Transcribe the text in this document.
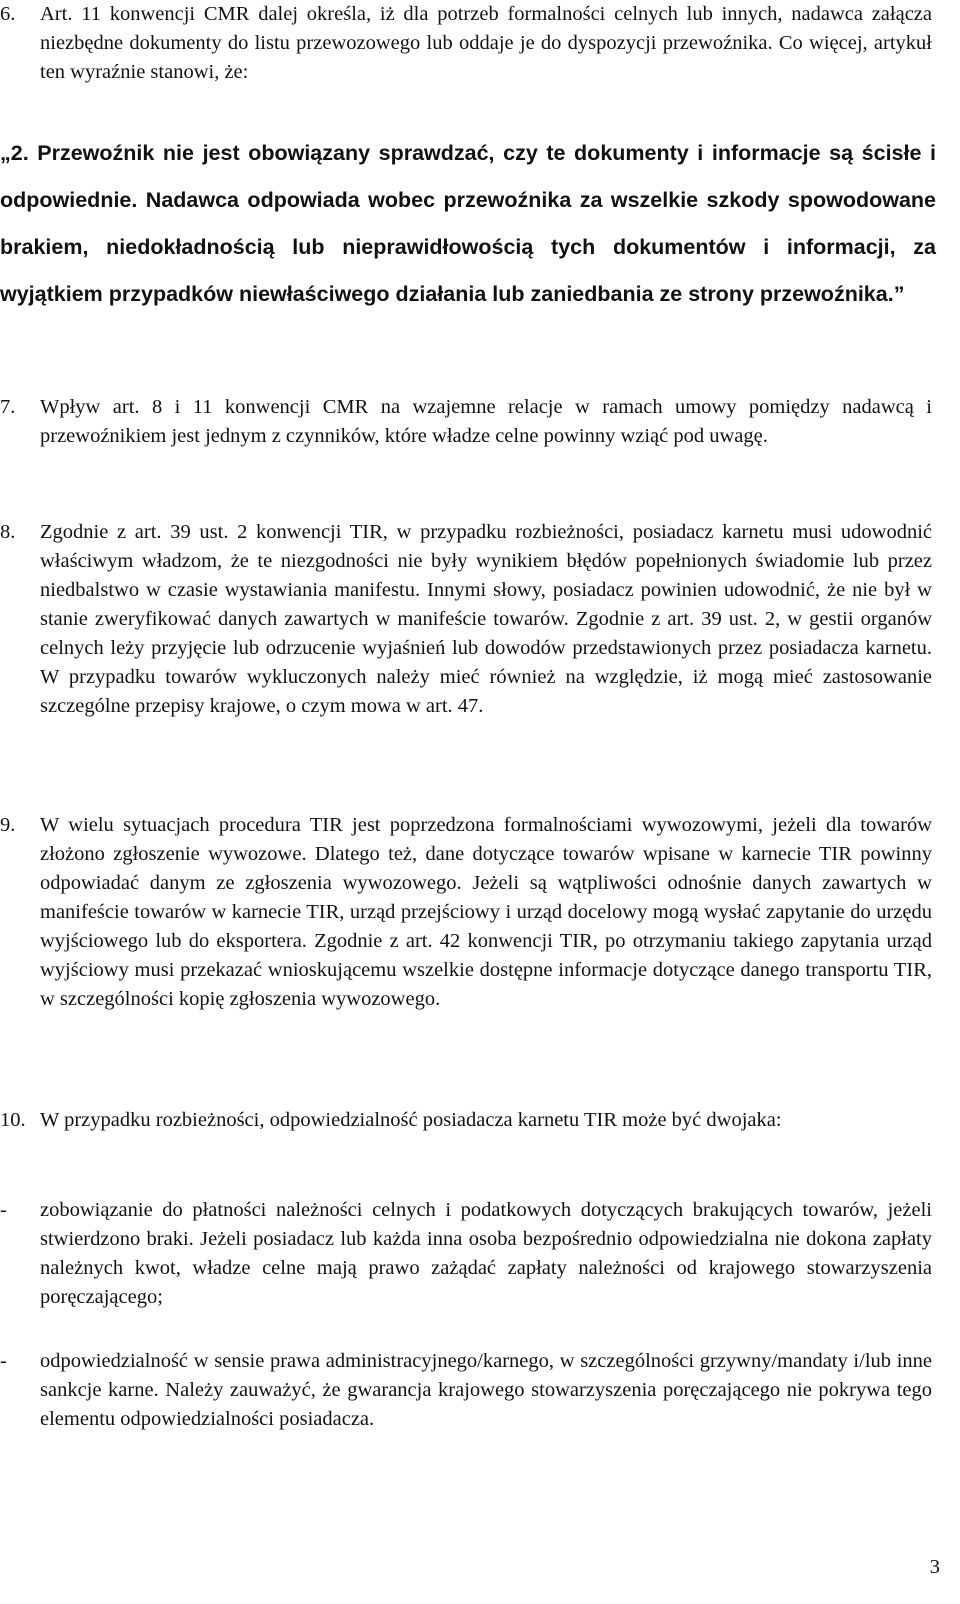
6.	Art. 11 konwencji CMR dalej określa, iż dla potrzeb formalności celnych lub innych, nadawca załącza niezbędne dokumenty do listu przewozowego lub oddaje je do dyspozycji przewoźnika. Co więcej, artykuł ten wyraźnie stanowi, że:
„2. Przewoźnik nie jest obowiązany sprawdzać, czy te dokumenty i informacje są ścisłe i odpowiednie. Nadawca odpowiada wobec przewoźnika za wszelkie szkody spowodowane brakiem, niedokładnością lub nieprawidłowością tych dokumentów i informacji, za wyjątkiem przypadków niewłaściwego działania lub zaniedbania ze strony przewoźnika.”
7.	Wpływ art. 8 i 11 konwencji CMR na wzajemne relacje w ramach umowy pomiędzy nadawcą i przewoźnikiem jest jednym z czynników, które władze celne powinny wziąć pod uwagę.
8.	Zgodnie z art. 39 ust. 2 konwencji TIR, w przypadku rozbieżności, posiadacz karnetu musi udowodnić właściwym władzom, że te niezgodności nie były wynikiem błędów popełnionych świadomie lub przez niedbalstwo w czasie wystawiania manifestu. Innymi słowy, posiadacz powinien udowodnić, że nie był w stanie zweryfikować danych zawartych w manifeście towarów. Zgodnie z art. 39 ust. 2, w gestii organów celnych leży przyjęcie lub odrzucenie wyjaśnień lub dowodów przedstawionych przez posiadacza karnetu. W przypadku towarów wykluczonych należy mieć również na względzie, iż mogą mieć zastosowanie szczególne przepisy krajowe, o czym mowa w art. 47.
9.	W wielu sytuacjach procedura TIR jest poprzedzona formalnościami wywozowymi, jeżeli dla towarów złożono zgłoszenie wywozowe. Dlatego też, dane dotyczące towarów wpisane w karnecie TIR powinny odpowiadać danym ze zgłoszenia wywozowego. Jeżeli są wątpliwości odnośnie danych zawartych w manifeście towarów w karnecie TIR, urząd przejściowy i urząd docelowy mogą wysłać zapytanie do urzędu wyjściowego lub do eksportera. Zgodnie z art. 42 konwencji TIR, po otrzymaniu takiego zapytania urząd wyjściowy musi przekazać wnioskującemu wszelkie dostępne informacje dotyczące danego transportu TIR, w szczególności kopię zgłoszenia wywozowego.
10. W przypadku rozbieżności, odpowiedzialność posiadacza karnetu TIR może być dwojaka:
-	zobowiązanie do płatności należności celnych i podatkowych dotyczących brakujących towarów, jeżeli stwierdzono braki. Jeżeli posiadacz lub każda inna osoba bezpośrednio odpowiedzialna nie dokona zapłaty należnych kwot, władze celne mają prawo zażądać zapłaty należności od krajowego stowarzyszenia poręczającego;
-	odpowiedzialność w sensie prawa administracyjnego/karnego, w szczególności grzywny/mandaty i/lub inne sankcje karne. Należy zauważyć, że gwarancja krajowego stowarzyszenia poręczającego nie pokrywa tego elementu odpowiedzialności posiadacza.
3
